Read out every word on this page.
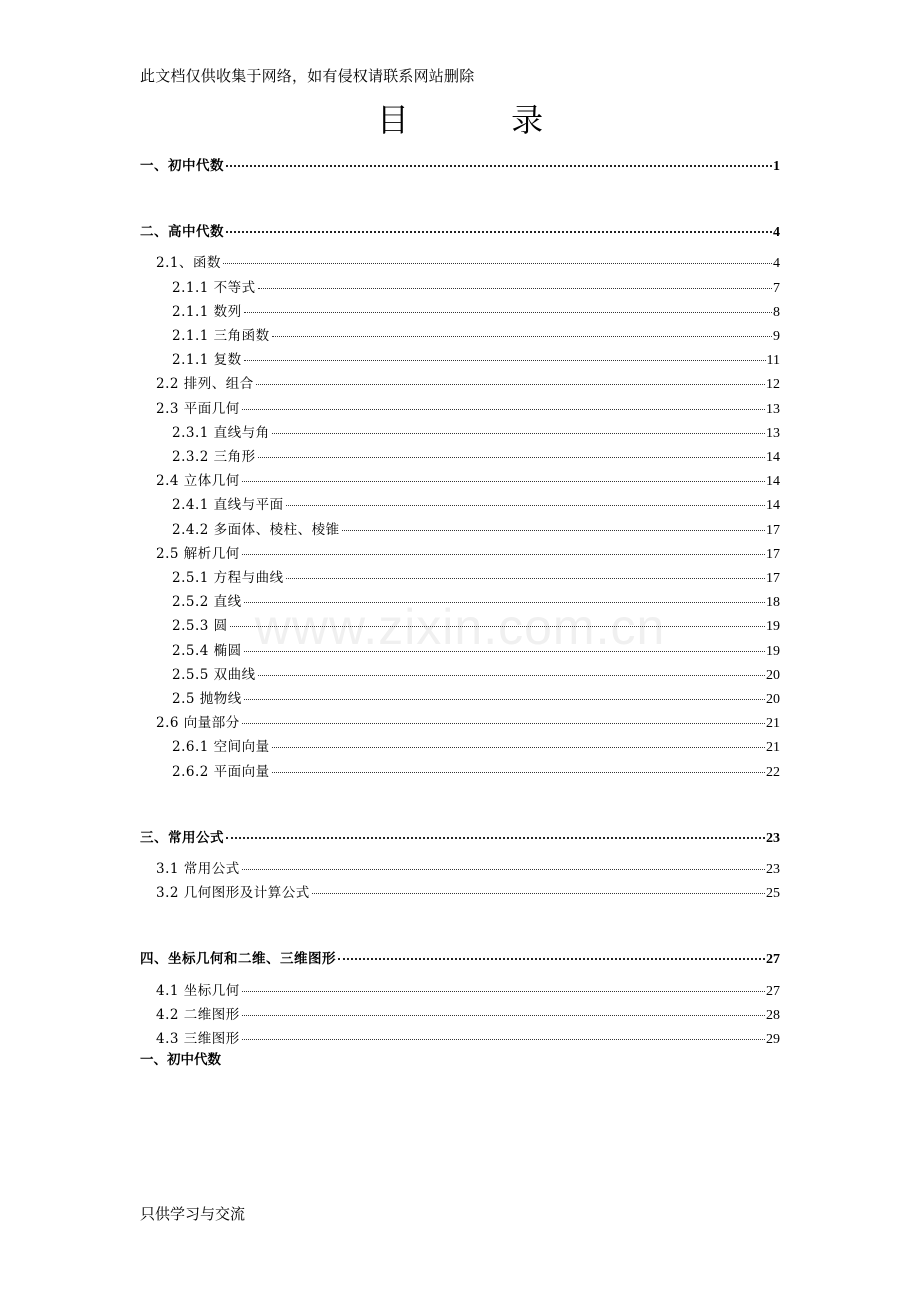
此文档仅供收集于网络，如有侵权请联系网站删除
目 录
www.zixin.com.cn
一、初中代数	1
二、高中代数	4
2.1、函数	4
2.1.1 不等式	7
2.1.1 数列	8
2.1.1 三角函数	9
2.1.1 复数	11
2.2 排列、组合	12
2.3 平面几何	13
2.3.1 直线与角	13
2.3.2 三角形	14
2.4 立体几何	14
2.4.1 直线与平面	14
2.4.2 多面体、棱柱、棱锥	17
2.5 解析几何	17
2.5.1 方程与曲线	17
2.5.2 直线	18
2.5.3 圆	19
2.5.4 椭圆	19
2.5.5 双曲线	20
2.5 抛物线	20
2.6 向量部分	21
2.6.1 空间向量	21
2.6.2 平面向量	22
三、常用公式	23
3.1 常用公式	23
3.2 几何图形及计算公式	25
四、坐标几何和二维、三维图形	27
4.1 坐标几何	27
4.2 二维图形	28
4.3 三维图形	29
一、初中代数
只供学习与交流
